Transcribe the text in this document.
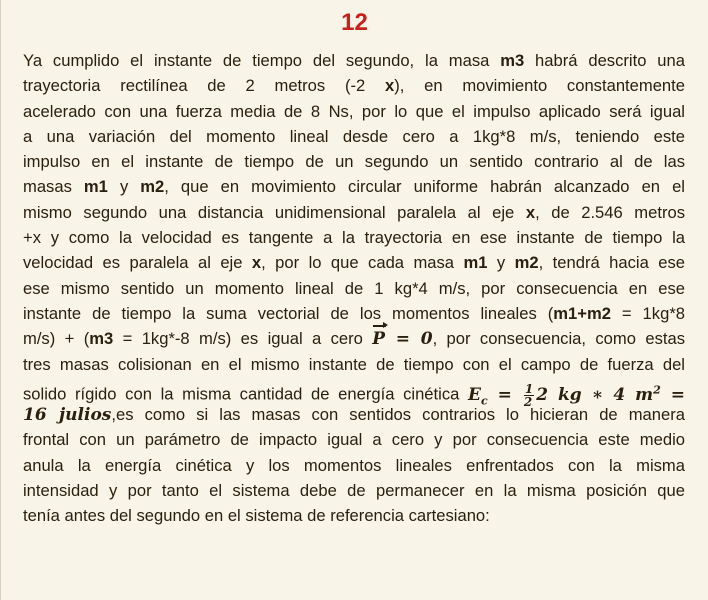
12
Ya cumplido el instante de tiempo del segundo, la masa m3 habrá descrito una
trayectoria rectilínea de 2 metros (-2 x), en movimiento constantemente
acelerado con una fuerza media de 8 Ns, por lo que el impulso aplicado será igual
a una variación del momento lineal desde cero a 1kg*8 m/s, teniendo este
impulso en el instante de tiempo de un segundo un sentido contrario al de las
masas m1 y m2, que en movimiento circular uniforme habrán alcanzado en el
mismo segundo una distancia unidimensional paralela al eje x, de 2.546 metros
+x y como la velocidad es tangente a la trayectoria en ese instante de tiempo la
velocidad es paralela al eje x, por lo que cada masa m1 y m2, tendrá hacia ese
ese mismo sentido un momento lineal de 1 kg*4 m/s, por consecuencia en ese
instante de tiempo la suma vectorial de los momentos lineales (m1+m2 = 1kg*8
m/s) + (m3 = 1kg*-8 m/s) es igual a cero P = 0, por consecuencia, como estas
tres masas colisionan en el mismo instante de tiempo con el campo de fuerza del
solido rígido con la misma cantidad de energía cinética $E_c = \frac{1}{2} 2$ kg ∗ 4 $m^2$ =
16 julios,es como si las masas con sentidos contrarios lo hicieran de manera
frontal con un parámetro de impacto igual a cero y por consecuencia este medio
anula la energía cinética y los momentos lineales enfrentados con la misma
intensidad y por tanto el sistema debe de permanecer en la misma posición que
tenía antes del segundo en el sistema de referencia cartesiano:
